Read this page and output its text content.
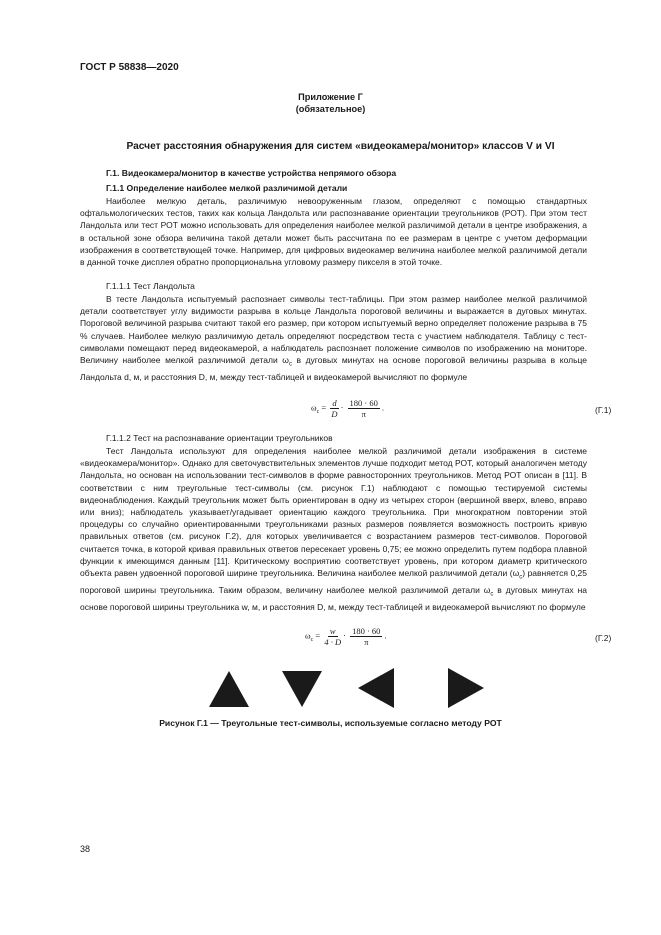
ГОСТ Р 58838—2020
Приложение Г
(обязательное)
Расчет расстояния обнаружения для систем «видеокамера/монитор» классов V и VI
Г.1. Видеокамера/монитор в качестве устройства непрямого обзора
Г.1.1 Определение наиболее мелкой различимой детали

Наиболее мелкую деталь, различимую невооруженным глазом, определяют с помощью стандартных офтальмологических тестов, таких как кольца Ландольта или распознавание ориентации треугольников (РОТ). При этом тест Ландольта или тест РОТ можно использовать для определения наиболее мелкой различимой детали в центре изображения, а в остальной зоне обзора величина такой детали может быть рассчитана по ее размерам в центре с учетом деформации изображения в соответствующей точке. Например, для цифровых видеокамер величина наиболее мелкой различимой детали в данной точке дисплея обратно пропорциональна угловому размеру пикселя в этой точке.

Г.1.1.1 Тест Ландольта

В тесте Ландольта испытуемый распознает символы тест-таблицы. При этом размер наиболее мелкой различимой детали соответствует углу видимости разрыва в кольце Ландольта пороговой величины и выражается в дуговых минутах. Пороговой величиной разрыва считают такой его размер, при котором испытуемый верно определяет положение разрыва в 75 % случаев. Наиболее мелкую различимую деталь определяют посредством теста с участием наблюдателя. Таблицу с тест-символами помещают перед видеокамерой, а наблюдатель распознает положение символов по изображению на мониторе. Величину наиболее мелкой различимой детали $\omega_c$ в дуговых минутах на основе пороговой величины разрыва в кольце Ландольта d, м, и расстояния D, м, между тест-таблицей и видеокамерой вычисляют по формуле

$\omega_c = \frac{d}{D} \cdot \frac{180 \cdot 60}{\pi}$ .	(Г.1)
Г.1.1.2 Тест на распознавание ориентации треугольников

Тест Ландольта используют для определения наиболее мелкой различимой детали изображения в системе «видеокамера/монитор». Однако для светочувствительных элементов лучше подходит метод РОТ, который аналогичен методу Ландольта, но основан на использовании тест-символов в форме равносторонних треугольников. Метод РОТ описан в [11]. В соответствии с ним треугольные тест-символы (см. рисунок Г.1) наблюдают с помощью тестируемой системы видеонаблюдения. Каждый треугольник может быть ориентирован в одну из четырех сторон (вершиной вверх, влево, вправо или вниз); наблюдатель указывает/угадывает ориентацию каждого треугольника. При многократном повторении этой процедуры со случайно ориентированными треугольниками разных размеров появляется возможность построить кривую правильных ответов (см. рисунок Г.2), для которых увеличивается с возрастанием размеров тест-символов. Пороговой считается точка, в которой кривая правильных ответов пересекает уровень 0,75; ее можно определить путем подбора плавной функции к имеющимся данным [11]. Критическому восприятию соответствует уровень, при котором диаметр критического объекта равен удвоенной пороговой ширине треугольника. Величина наиболее мелкой различимой детали $(\omega_c)$ равняется 0,25 пороговой ширины треугольника. Таким образом, величину наиболее мелкой различимой детали $\omega_c$ в дуговых минутах на основе пороговой ширины треугольника w, м, и расстояния D, м, между тест-таблицей и видеокамерой вычисляют по формуле

$\omega_c = \frac{w}{4 \cdot D} \cdot \frac{180 \cdot 60}{\pi}$ .	(Г.2)
Рисунок Г.1 — Треугольные тест-символы, используемые согласно методу РОТ
38
